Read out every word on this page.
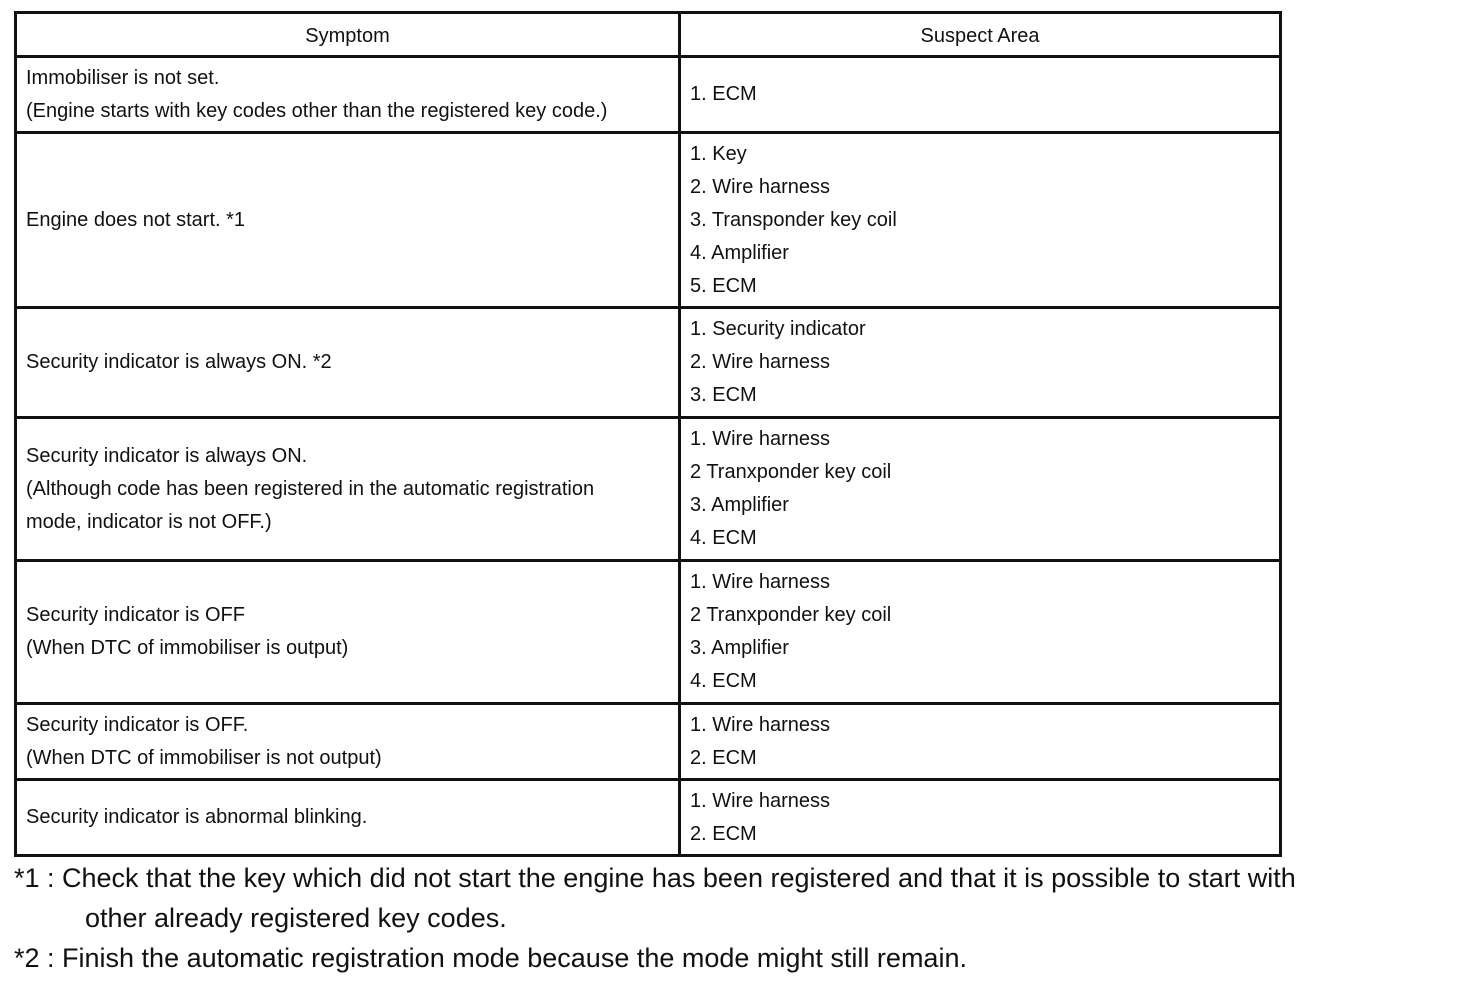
Symptom	Suspect Area

Immobiliser is not set.
(Engine starts with key codes other than the registered key code.)	1. ECM

Engine does not start. *1	1. Key
2. Wire harness
3. Transponder key coil
4. Amplifier
5. ECM

Security indicator is always ON. *2	1. Security indicator
2. Wire harness
3. ECM

Security indicator is always ON.
(Although code has been registered in the automatic registration
mode, indicator is not OFF.)	1. Wire harness
2 Tranxponder key coil
3. Amplifier
4. ECM

Security indicator is OFF
(When DTC of immobiliser is output)	1. Wire harness
2 Tranxponder key coil
3. Amplifier
4. ECM

Security indicator is OFF.
(When DTC of immobiliser is not output)	1. Wire harness
2. ECM

Security indicator is abnormal blinking.	1. Wire harness
2. ECM
*1 : Check that the key which did not start the engine has been registered and that it is possible to start with
other already registered key codes.
*2 : Finish the automatic registration mode because the mode might still remain.
